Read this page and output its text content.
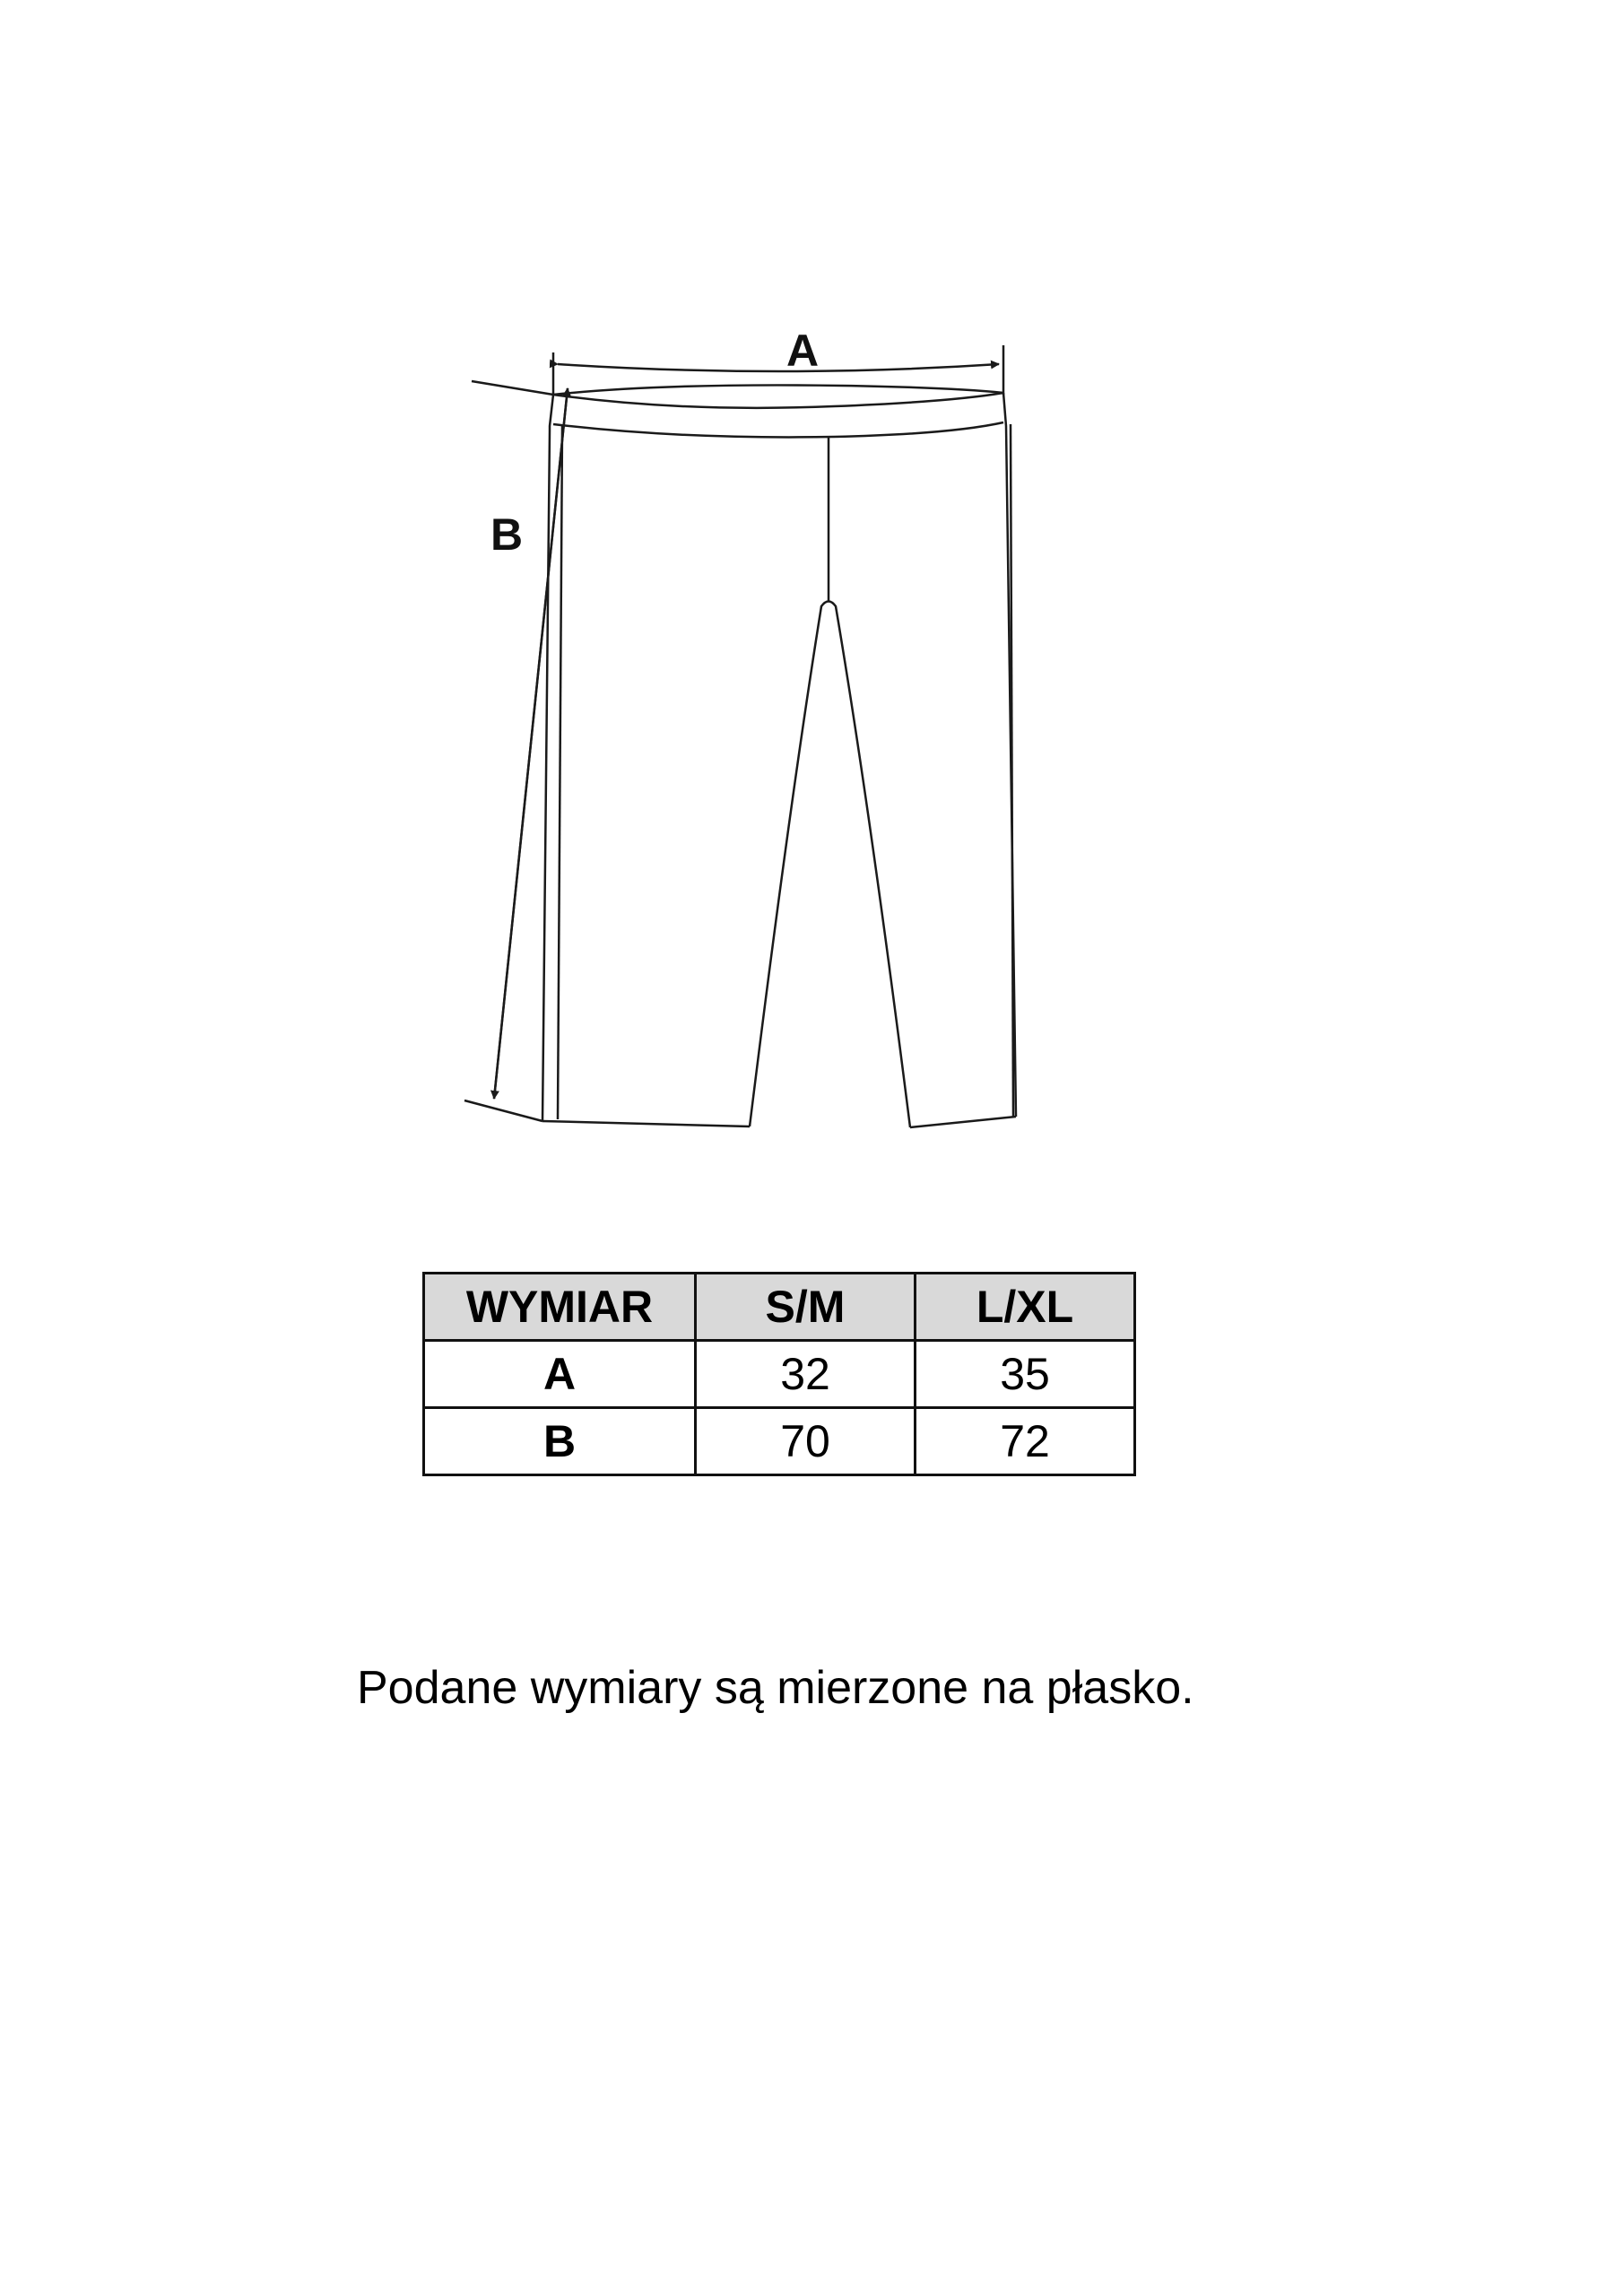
A
B
WYMIAR	S/M	L/XL
A	32	35
B	70	72
Podane wymiary są mierzone na płasko.
